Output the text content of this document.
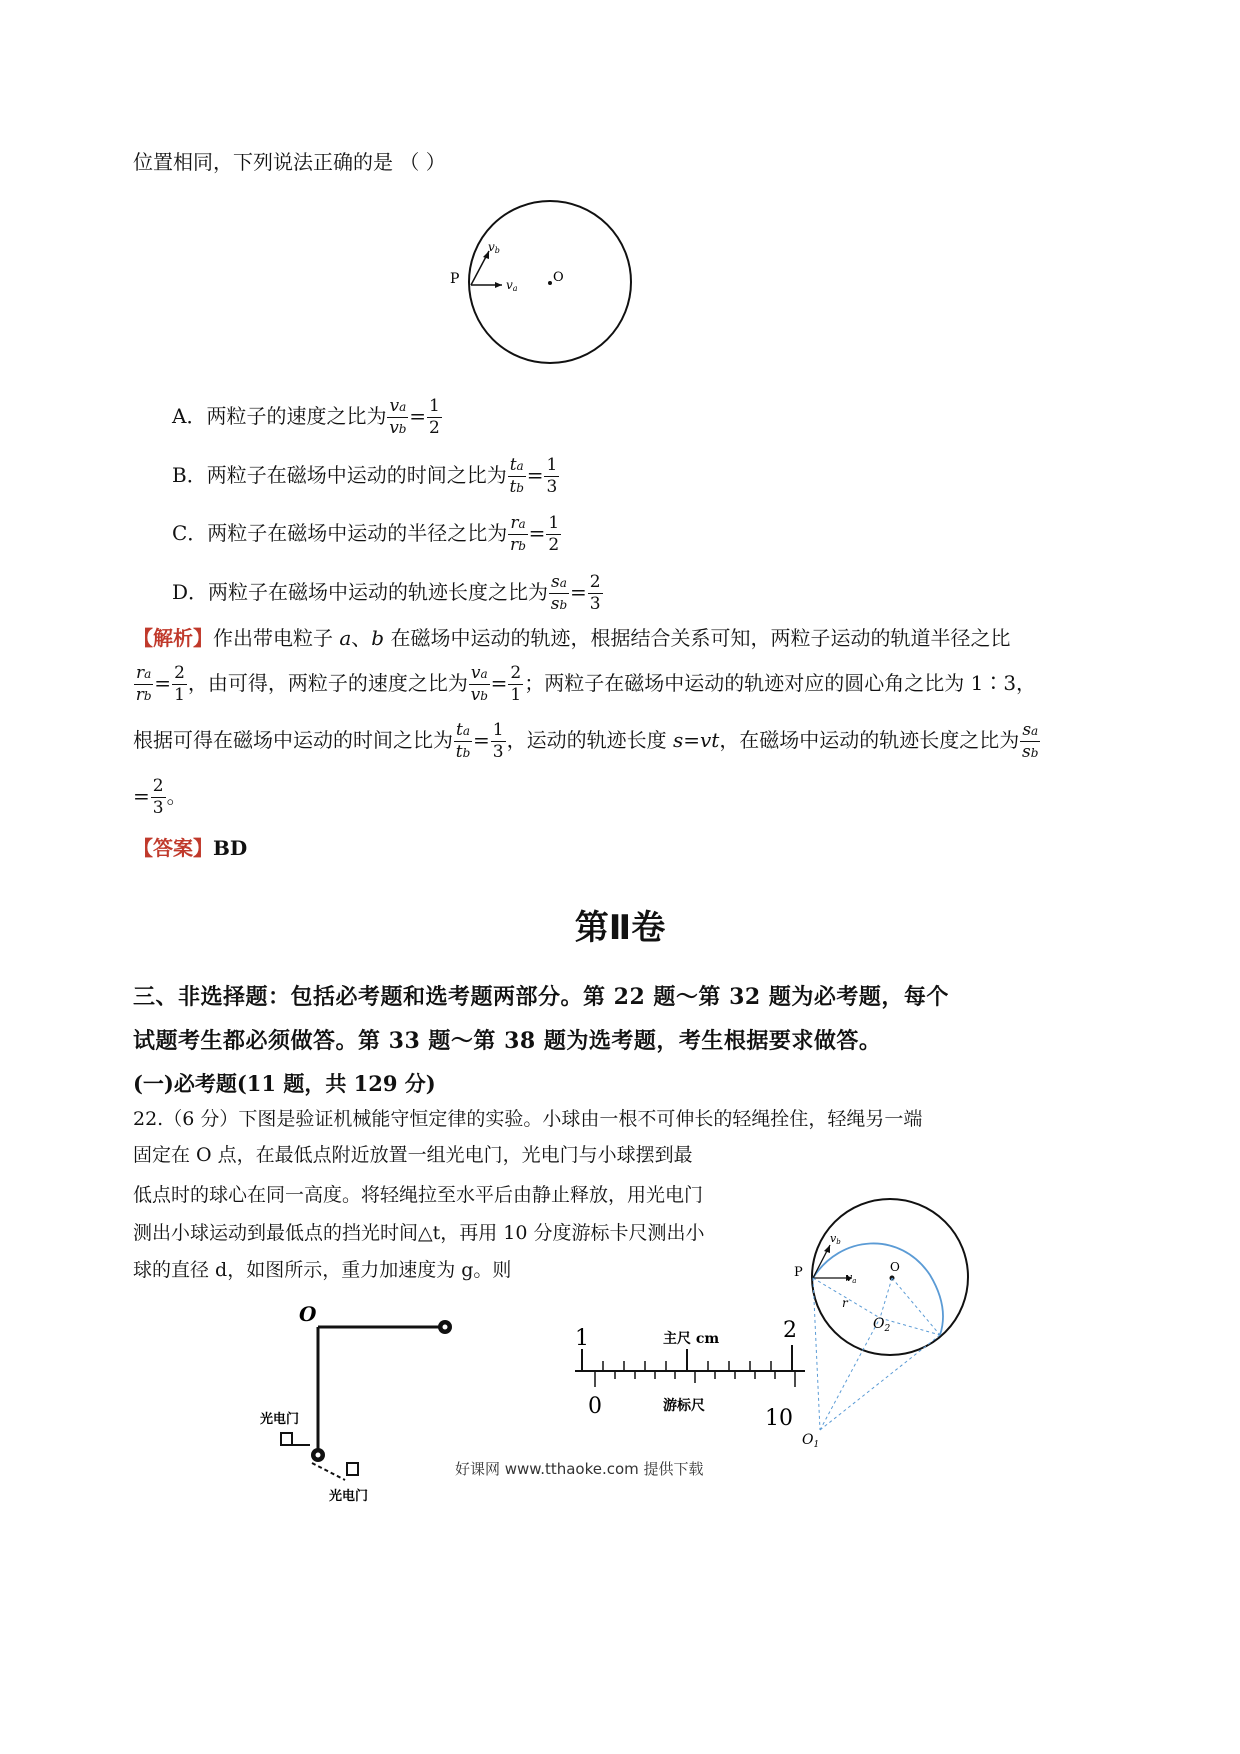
位置相同，下列说法正确的是 （ ）
P	O
va
vb
A．两粒子的速度之比为 $\frac{va}{vb} = \frac{1}{2}$
B．两粒子在磁场中运动的时间之比为 $\frac{ta}{tb} = \frac{1}{3}$
C．两粒子在磁场中运动的半径之比为 $\frac{ra}{rb} = \frac{1}{2}$
D．两粒子在磁场中运动的轨迹长度之比为 $\frac{sa}{sb} = \frac{2}{3}$
【解析】作出带电粒子 a、b 在磁场中运动的轨迹，根据结合关系可知，两粒子运动的轨道半径之比
$\frac{ra}{rb} = \frac{2}{1}$ ，由可得，两粒子的速度之比为 $\frac{va}{vb} = \frac{2}{1}$ ；两粒子在磁场中运动的轨迹对应的圆心角之比为 1∶3，
根据可得在磁场中运动的时间之比为 $\frac{ta}{tb} = \frac{1}{3}$ ，运动的轨迹长度 s=vt，在磁场中运动的轨迹长度之比为 $\frac{sa}{sb}$
= $\frac{2}{3}$ 。
【答案】BD
第Ⅱ卷
三、非选择题：包括必考题和选考题两部分。第 22 题～第 32 题为必考题，每个
试题考生都必须做答。第 33 题～第 38 题为选考题，考生根据要求做答。
(一)必考题(11 题，共 129 分)
22.（6 分）下图是验证机械能守恒定律的实验。小球由一根不可伸长的轻绳拴住，轻绳另一端
固定在 O 点，在最低点附近放置一组光电门，光电门与小球摆到最
低点时的球心在同一高度。将轻绳拉至水平后由静止释放，用光电门
测出小球运动到最低点的挡光时间△t，再用 10 分度游标卡尺测出小
球的直径 d，如图所示，重力加速度为 g。则	P	O
r
$O_2$
$O_1$
va
vb
O
光电门
光电门
1	主尺 cm	2
0	游标尺	10
好课网 www.tthaoke.com 提供下载
